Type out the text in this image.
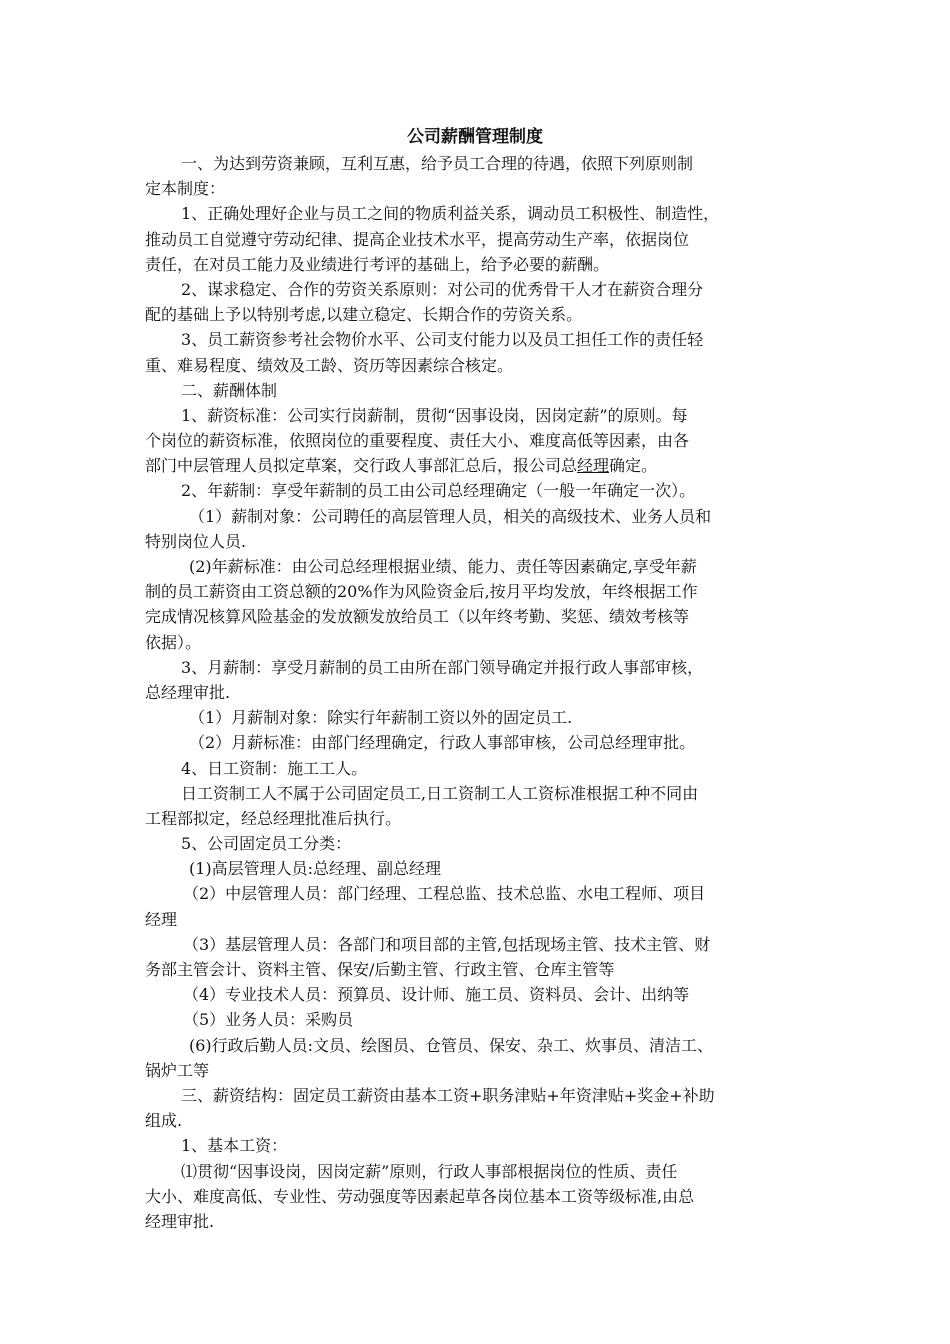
公司薪酬管理制度
一、为达到劳资兼顾，互利互惠，给予员工合理的待遇，依照下列原则制
定本制度：
1、正确处理好企业与员工之间的物质利益关系，调动员工积极性、制造性，
推动员工自觉遵守劳动纪律、提高企业技术水平，提高劳动生产率，依据岗位
责任，在对员工能力及业绩进行考评的基础上，给予必要的薪酬。
2、谋求稳定、合作的劳资关系原则：对公司的优秀骨干人才在薪资合理分
配的基础上予以特别考虑,以建立稳定、长期合作的劳资关系。
3、员工薪资参考社会物价水平、公司支付能力以及员工担任工作的责任轻
重、难易程度、绩效及工龄、资历等因素综合核定。
二、薪酬体制
1、薪资标准：公司实行岗薪制，贯彻“因事设岗，因岗定薪”的原则。每
个岗位的薪资标准，依照岗位的重要程度、责任大小、难度高低等因素，由各
部门中层管理人员拟定草案，交行政人事部汇总后，报公司总经理确定。
2、年薪制：享受年薪制的员工由公司总经理确定（一般一年确定一次）。
（1）薪制对象：公司聘任的高层管理人员，相关的高级技术、业务人员和
特别岗位人员.
(2)年薪标准：由公司总经理根据业绩、能力、责任等因素确定,享受年薪
制的员工薪资由工资总额的20%作为风险资金后,按月平均发放，年终根据工作
完成情况核算风险基金的发放额发放给员工（以年终考勤、奖惩、绩效考核等
依据）。
3、月薪制：享受月薪制的员工由所在部门领导确定并报行政人事部审核，
总经理审批.
（1）月薪制对象：除实行年薪制工资以外的固定员工.
（2）月薪标准：由部门经理确定，行政人事部审核，公司总经理审批。
4、日工资制：施工工人。
日工资制工人不属于公司固定员工,日工资制工人工资标准根据工种不同由
工程部拟定，经总经理批准后执行。
5、公司固定员工分类：
(1)高层管理人员:总经理、副总经理
（2）中层管理人员：部门经理、工程总监、技术总监、水电工程师、项目
经理
（3）基层管理人员：各部门和项目部的主管,包括现场主管、技术主管、财
务部主管会计、资料主管、保安/后勤主管、行政主管、仓库主管等
（4）专业技术人员：预算员、设计师、施工员、资料员、会计、出纳等
（5）业务人员：采购员
(6)行政后勤人员:文员、绘图员、仓管员、保安、杂工、炊事员、清洁工、
锅炉工等
三、薪资结构：固定员工薪资由基本工资+职务津贴+年资津贴+奖金+补助
组成.
1、基本工资：
⑴贯彻“因事设岗，因岗定薪”原则，行政人事部根据岗位的性质、责任
大小、难度高低、专业性、劳动强度等因素起草各岗位基本工资等级标准,由总
经理审批.
